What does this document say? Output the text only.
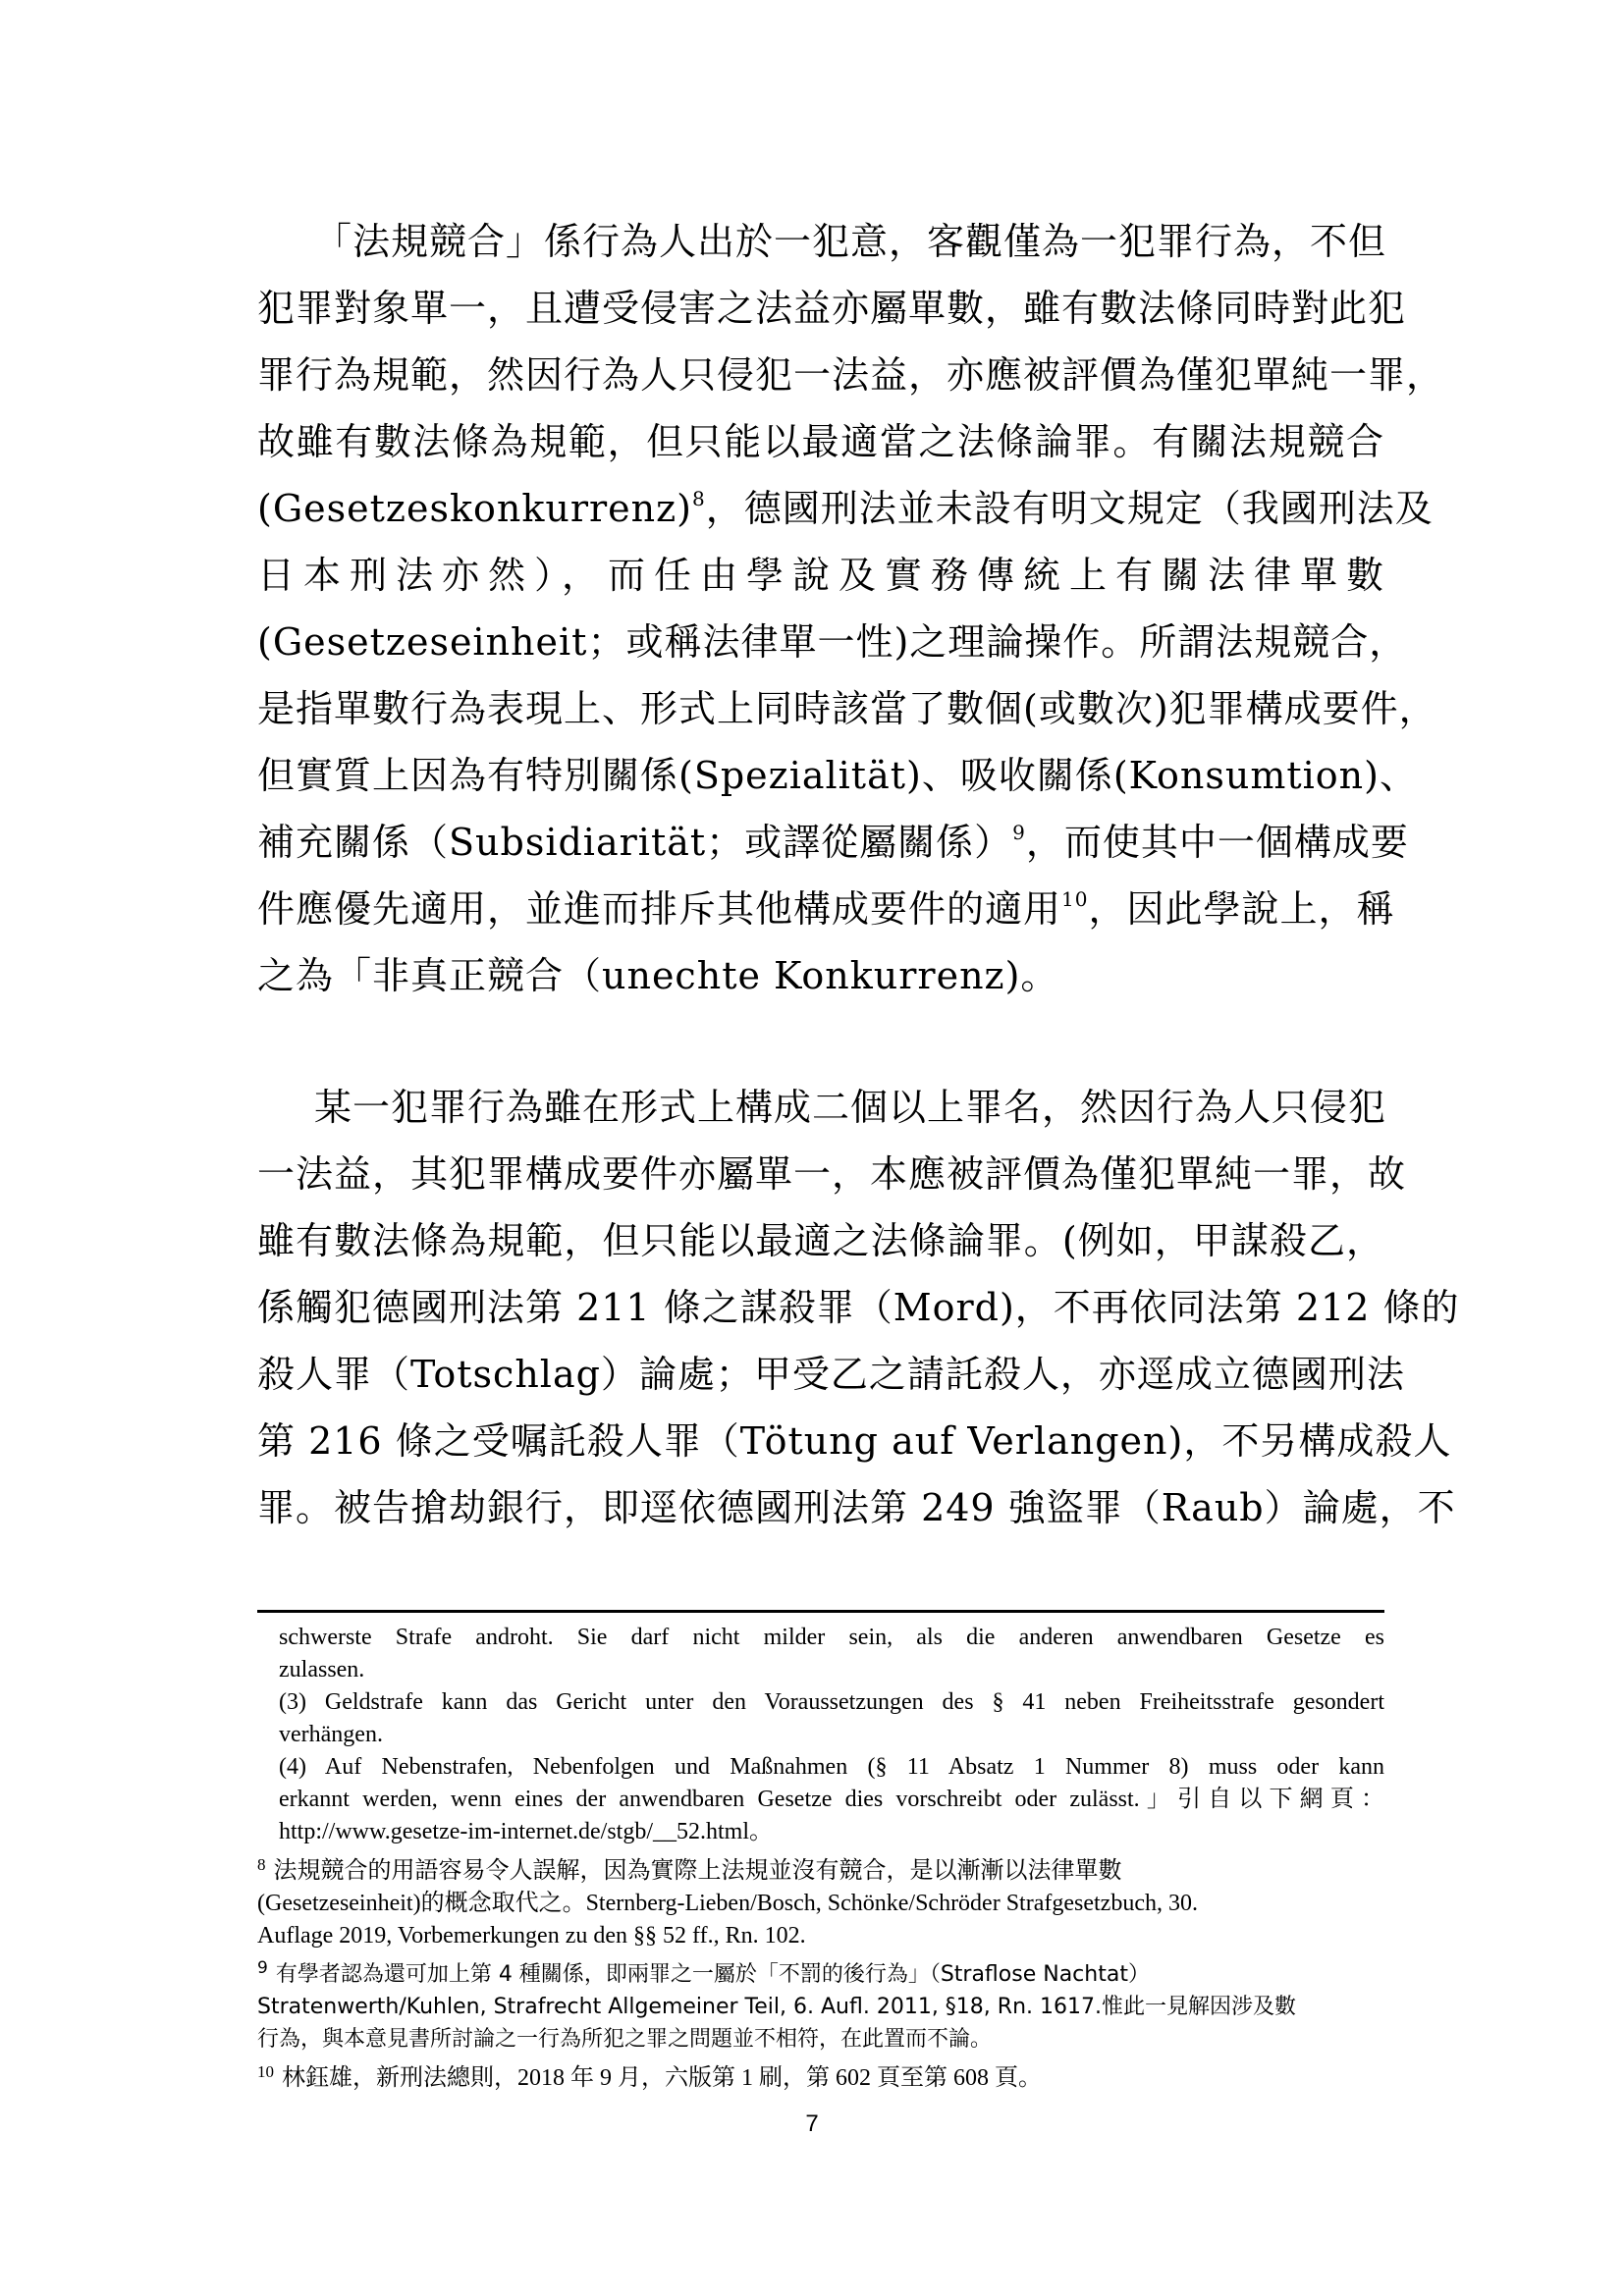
「法規競合」係行為人出於一犯意，客觀僅為一犯罪行為，不但
犯罪對象單一，且遭受侵害之法益亦屬單數，雖有數法條同時對此犯
罪行為規範，然因行為人只侵犯一法益，亦應被評價為僅犯單純一罪，
故雖有數法條為規範，但只能以最適當之法條論罪。有關法規競合
(Gesetzeskonkurrenz)$^8$，德國刑法並未設有明文規定（我國刑法及
日本刑法亦然），而任由學說及實務傳統上有關法律單數
(Gesetzeseinheit；或稱法律單一性)之理論操作。所謂法規競合，
是指單數行為表現上、形式上同時該當了數個(或數次)犯罪構成要件，
但實質上因為有特別關係(Spezialität)、吸收關係(Konsumtion)、
補充關係（Subsidiarität；或譯從屬關係）$^9$，而使其中一個構成要
件應優先適用，並進而排斥其他構成要件的適用$^{10}$，因此學說上，稱
之為「非真正競合（unechte Konkurrenz)。
某一犯罪行為雖在形式上構成二個以上罪名，然因行為人只侵犯
一法益，其犯罪構成要件亦屬單一，本應被評價為僅犯單純一罪，故
雖有數法條為規範，但只能以最適之法條論罪。(例如，甲謀殺乙，
係觸犯德國刑法第 211 條之謀殺罪（Mord)，不再依同法第 212 條的
殺人罪（Totschlag）論處；甲受乙之請託殺人，亦逕成立德國刑法
第 216 條之受嘱託殺人罪（Tötung auf Verlangen)，不另構成殺人
罪。被告搶劫銀行，即逕依德國刑法第 249 強盜罪（Raub）論處，不
schwerste Strafe androht. Sie darf nicht milder sein, als die anderen anwendbaren Gesetze es
zulassen.
(3) Geldstrafe kann das Gericht unter den Voraussetzungen des § 41 neben Freiheitsstrafe gesondert
verhängen.
(4) Auf Nebenstrafen, Nebenfolgen und Maßnahmen (§ 11 Absatz 1 Nummer 8) muss oder kann
erkannt werden, wenn eines der anwendbaren Gesetze dies vorschreibt oder zulässt.」引自以下網頁：
http://www.gesetze-im-internet.de/stgb/__52.html。
$^8$ 法規競合的用語容易令人誤解，因為實際上法規並沒有競合，是以漸漸以法律單數
(Gesetzeseinheit)的概念取代之。Sternberg-Lieben/Bosch, Schönke/Schröder Strafgesetzbuch, 30.
Auflage 2019, Vorbemerkungen zu den §§ 52 ff., Rn. 102.
$^9$ 有學者認為還可加上第 4 種關係，即兩罪之一屬於「不罰的後行為」（Straflose Nachtat）
Stratenwerth/Kuhlen, Strafrecht Allgemeiner Teil, 6. Aufl. 2011, §18, Rn. 1617.惟此一見解因涉及數
行為，與本意見書所討論之一行為所犯之罪之問題並不相符，在此置而不論。
$^{10}$ 林鈺雄，新刑法總則，2018 年 9 月，六版第 1 刷，第 602 頁至第 608 頁。
7
